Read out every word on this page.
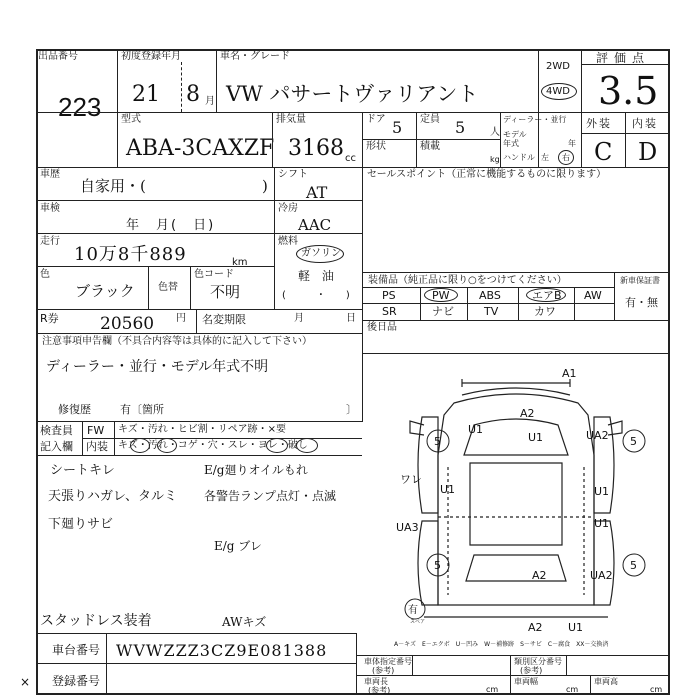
出品番号
223
初度登録年月
21 8 月
車名・グレード
VW パサートヴァリアント
2WD
4WD
評価点
3.5
型式
ABA-3CAXZF
排気量
3168 cc
ドア 5 定員 5 人
形状	積載
kg
ディーラー・並行
モデル年式	年
ハンドル 左 右
外装 内装
C D
車歴
自家用・(	)
シフト
AT
車検
年　月(　日)
冷房
AAC
走行
10万8千889	km
燃料
ガソリン
軽 油
(　　　・　　)
色
ブラック 色替
色コード
不明
R券 20560 円 名変期限	月	日
注意事項申告欄（不具合内容等は具体的に記入して下さい）
ディーラー・並行・モデル年式不明
修復歴	有〔箇所	〕
検査員
記入欄
FW
内装
キズ・汚れ・ヒビ割・リペア跡・×要
キズ・汚れ・コゲ・穴・スレ・ヨレ・破し
シートキレ	E/g廻りオイルもれ
天張りハガレ、タルミ 各警告ランプ点灯・点滅
下廻りサビ
E/g ブレ
スタッドレス装着	AWキズ
セールスポイント（正常に機能するものに限ります）
装備品（純正品に限り○をつけてください）	新車保証書
有・無
PS	PW	ABS	エアB AW
SR	ナビ	TV	カワ
後日品
A1
A2
U1
U1	UA2
5	5
U1	U1
U1
UA3
A2	UA2
5	5
A2 U1
ワレ
有
スペア
A－キズ　E－エクボ　U－凹み　W－補修跡　S－サビ　C－腐食　XX－交換済
車台番号 WVWZZZ3CZ9E081388
登録番号
車体指定番号
(参考)
類別区分番号
(参考)
車両長
(参考)	cm
車両幅
cm
車両高
cm
×
